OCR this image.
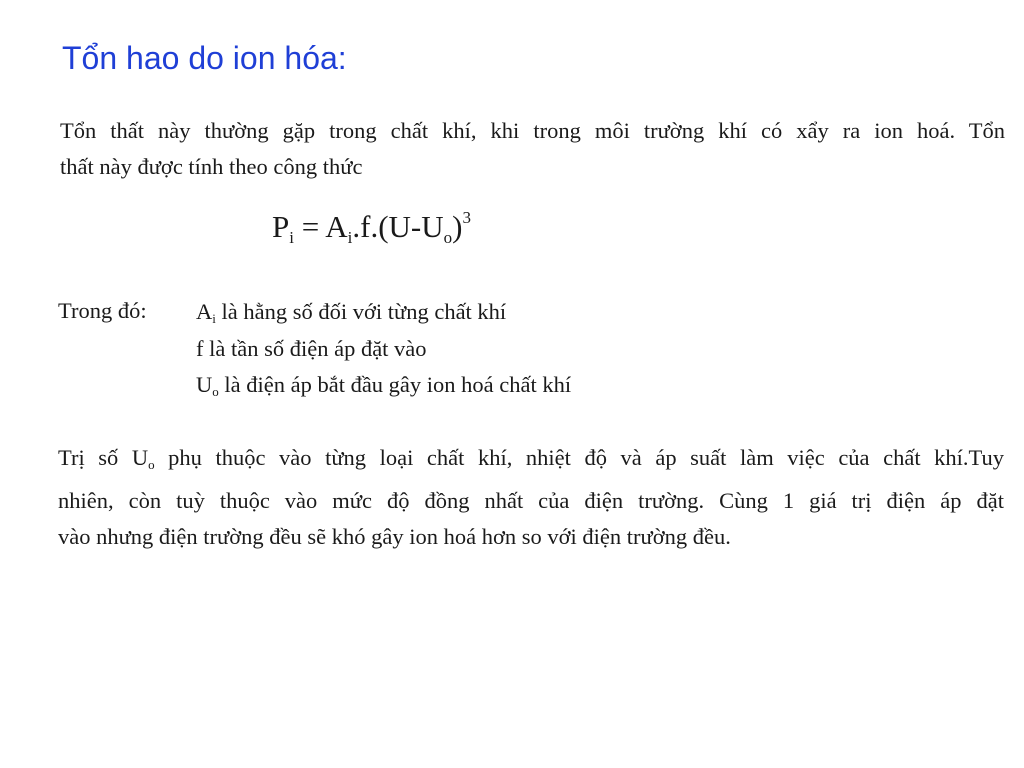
Tổn hao do ion hóa:
Tổn thất này thường gặp trong chất khí, khi trong môi trường khí có xẩy ra ion hoá. Tổn
thất này được tính theo công thức
$P_i = A_i.f.(U-U_o)^3$
Trong đó: $A_i$ là hằng số đối với từng chất khí
f là tần số điện áp đặt vào
$U_o$ là điện áp bắt đầu gây ion hoá chất khí
Trị số $U_o$ phụ thuộc vào từng loại chất khí, nhiệt độ và áp suất làm việc của chất khí.Tuy
nhiên, còn tuỳ thuộc vào mức độ đồng nhất của điện trường. Cùng 1 giá trị điện áp đặt
vào nhưng điện trường đều sẽ khó gây ion hoá hơn so với điện trường đều.
